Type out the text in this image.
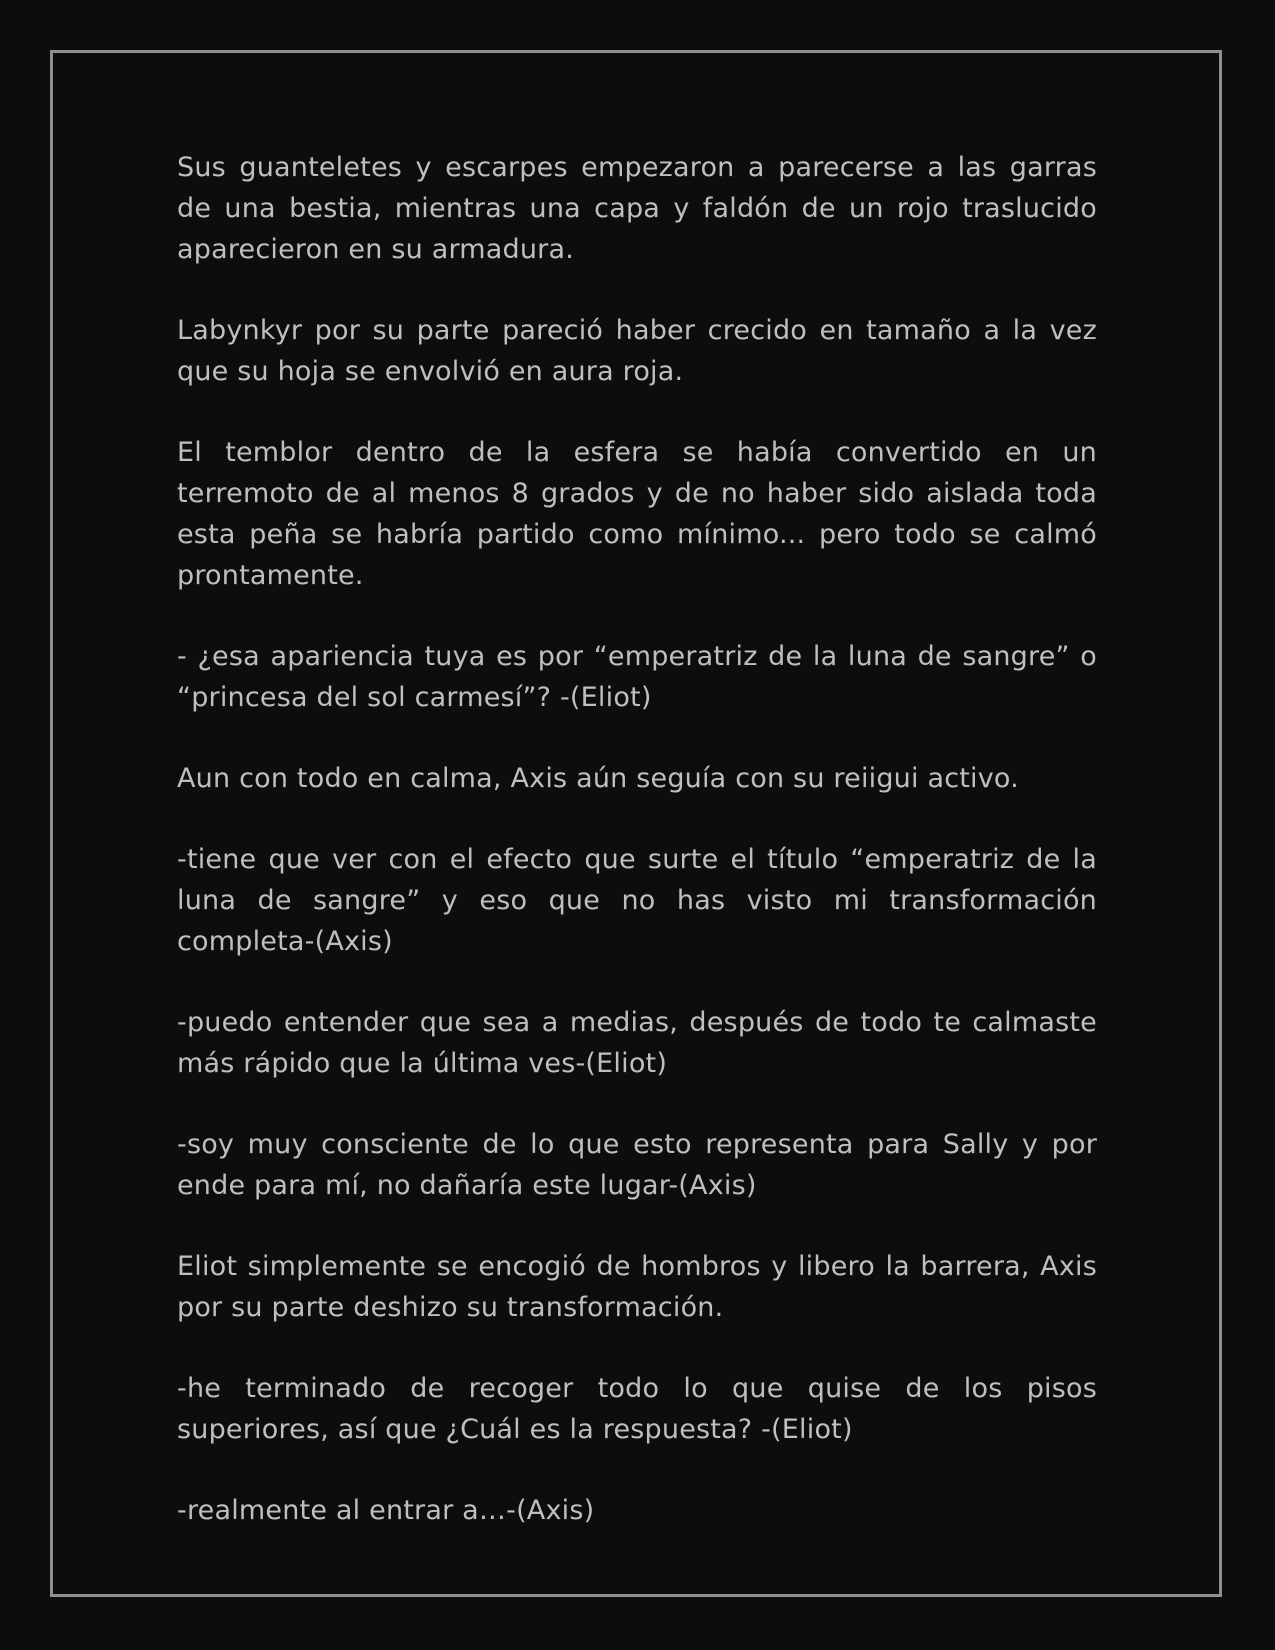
Sus guanteletes y escarpes empezaron a parecerse a las garras de una bestia, mientras una capa y faldón de un rojo traslucido aparecieron en su armadura.

Labynkyr por su parte pareció haber crecido en tamaño a la vez que su hoja se envolvió en aura roja.

El temblor dentro de la esfera se había convertido en un terremoto de al menos 8 grados y de no haber sido aislada toda esta peña se habría partido como mínimo... pero todo se calmó prontamente.

- ¿esa apariencia tuya es por “emperatriz de la luna de sangre” o “princesa del sol carmesí”? -(Eliot)

Aun con todo en calma, Axis aún seguía con su reiigui activo.

-tiene que ver con el efecto que surte el título “emperatriz de la luna de sangre” y eso que no has visto mi transformación completa-(Axis)

-puedo entender que sea a medias, después de todo te calmaste más rápido que la última ves-(Eliot)

-soy muy consciente de lo que esto representa para Sally y por ende para mí, no dañaría este lugar-(Axis)

Eliot simplemente se encogió de hombros y libero la barrera, Axis por su parte deshizo su transformación.

-he terminado de recoger todo lo que quise de los pisos superiores, así que ¿Cuál es la respuesta? -(Eliot)

-realmente al entrar a…-(Axis)
